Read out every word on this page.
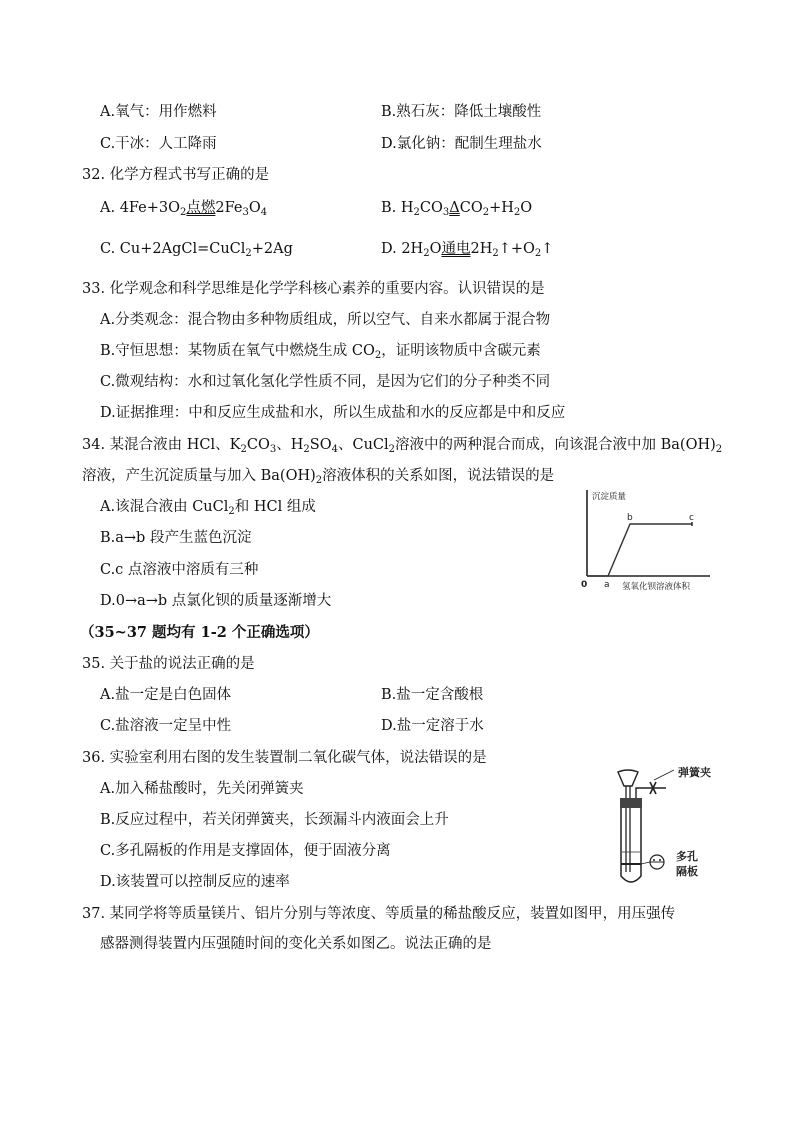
A.氧气：用作燃料	B.熟石灰：降低土壤酸性
C.干冰：人工降雨	D.氯化钠：配制生理盐水
32. 化学方程式书写正确的是
A. $4Fe+3O_2$点燃$2Fe_3O_4$	B. $H_2CO_3\Delta CO_2+H_2O$
C. Cu+2AgCl=CuCl$_2$+2Ag	D. $2H_2O$通电$2H_2↑+O_2↑$
33. 化学观念和科学思维是化学学科核心素养的重要内容。认识错误的是
A.分类观念：混合物由多种物质组成，所以空气、自来水都属于混合物
B.守恒思想：某物质在氧气中燃烧生成 $CO_2$，证明该物质中含碳元素
C.微观结构：水和过氧化氢化学性质不同，是因为它们的分子种类不同
D.证据推理：中和反应生成盐和水，所以生成盐和水的反应都是中和反应
34. 某混合液由 HCl、$K_2CO_3$、$H_2SO_4$、CuCl$_2$溶液中的两种混合而成，向该混合液中加 $Ba(OH)_2$
溶液，产生沉淀质量与加入 $Ba(OH)_2$溶液体积的关系如图，说法错误的是
A.该混合液由 CuCl$_2$和 HCl 组成
B.a→b 段产生蓝色沉淀
C.c 点溶液中溶质有三种
D.0→a→b 点氯化钡的质量逐渐增大
沉淀质量
0	氢氧化钡溶液体积
a
b	c
（35~37 题均有 1-2 个正确选项）
35. 关于盐的说法正确的是
A.盐一定是白色固体	B.盐一定含酸根
C.盐溶液一定呈中性	D.盐一定溶于水
36. 实验室利用右图的发生装置制二氧化碳气体，说法错误的是
A.加入稀盐酸时，先关闭弹簧夹
B.反应过程中，若关闭弹簧夹，长颈漏斗内液面会上升
C.多孔隔板的作用是支撑固体，便于固液分离
D.该装置可以控制反应的速率
弹簧夹
多孔
隔板
37. 某同学将等质量镁片、铝片分别与等浓度、等质量的稀盐酸反应，装置如图甲，用压强传
感器测得装置内压强随时间的变化关系如图乙。说法正确的是
